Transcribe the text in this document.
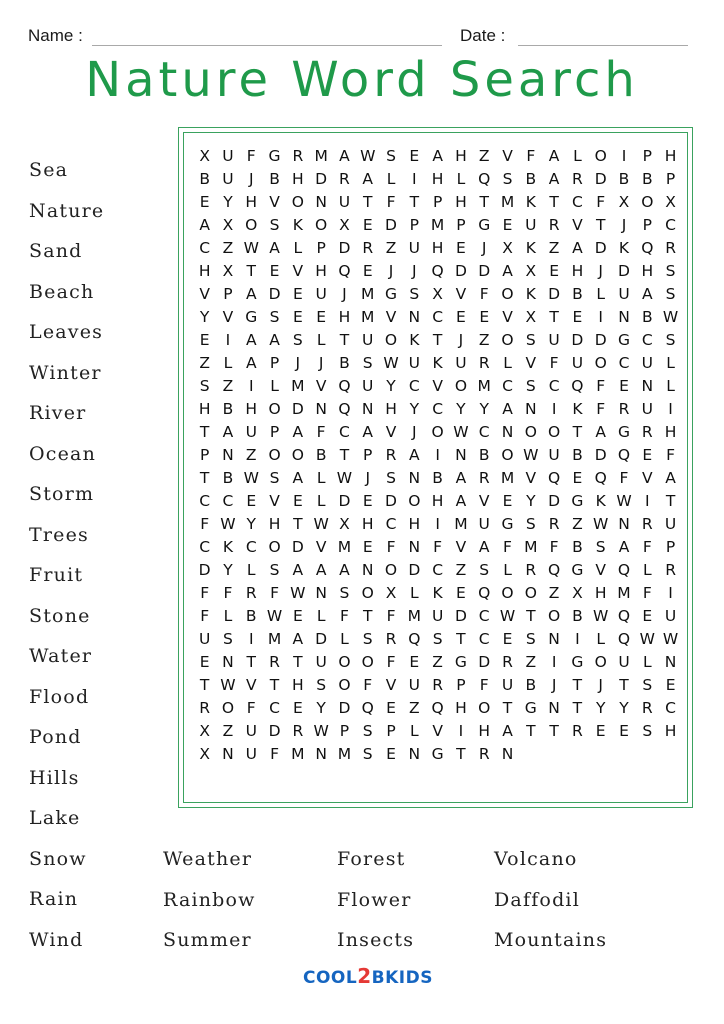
Name :	Date :
Nature Word Search
X U F G R M A W S E A H Z V F A L O I	P H
B U J	B H D R A L	I H L Q S B A R D B B P
E Y H V O N U T F T P H T M K T C F X O X
A X O S K O X E D P M P G E U R V T	J	P C
C Z W A L P D R Z U H E	J	X K Z A D K Q R
H X T E V H Q E	J	J Q D D A X E H J D H S
V P A D E U J M G S X V F O K D B L U A S
Y V G S E E H M V N C E E V X T E	I N B W
E	I	A A S L T U O K T	J	Z O S U D D G C S
Z L A P	J	J	B S W U K U R L V F U O C U L
S Z	I	L M V Q U Y C V O M C S C Q F E N L
H B H O D N Q N H Y C Y Y A N I	K F R U I
T A U P A F C A V	J O W C N O O T A G R H
P N Z O O B T P R A	I N B O W U B D Q E F
T B W S A L W J	S N B A R M V Q E Q F V A
C C E V E L D E D O H A V E Y D G K W I	T
F W Y H T W X H C H I M U G S R Z W N R U
C K C O D V M E F N F V A F M F B S A F P
D Y L S A A A N O D C Z S L R Q G V Q L R
F F R F W N S O X L K E Q O O Z X H M F	I
F L B W E L F T F M U D C W T O B W Q E U
U S	I M A D L S R Q S T C E S N I	L Q W W
E N T R T U O O F E Z G D R Z	I G O U L N
T W V T H S O F V U R P F U B	J	T	J	T S E
R O F C E Y D Q E Z Q H O T G N T Y Y R C
X Z U D R W P S P L V	I H A T T R E E S H
X N U F M N M S E N G T R N
Sea
Nature
Sand
Beach
Leaves
Winter
River
Ocean
Storm
Trees
Fruit
Stone
Water
Flood
Pond
Hills
Lake
Snow
Rain
Wind
Weather
Rainbow
Summer
Forest
Flower
Insects
Volcano
Daffodil
Mountains
COOL2BKIDS
